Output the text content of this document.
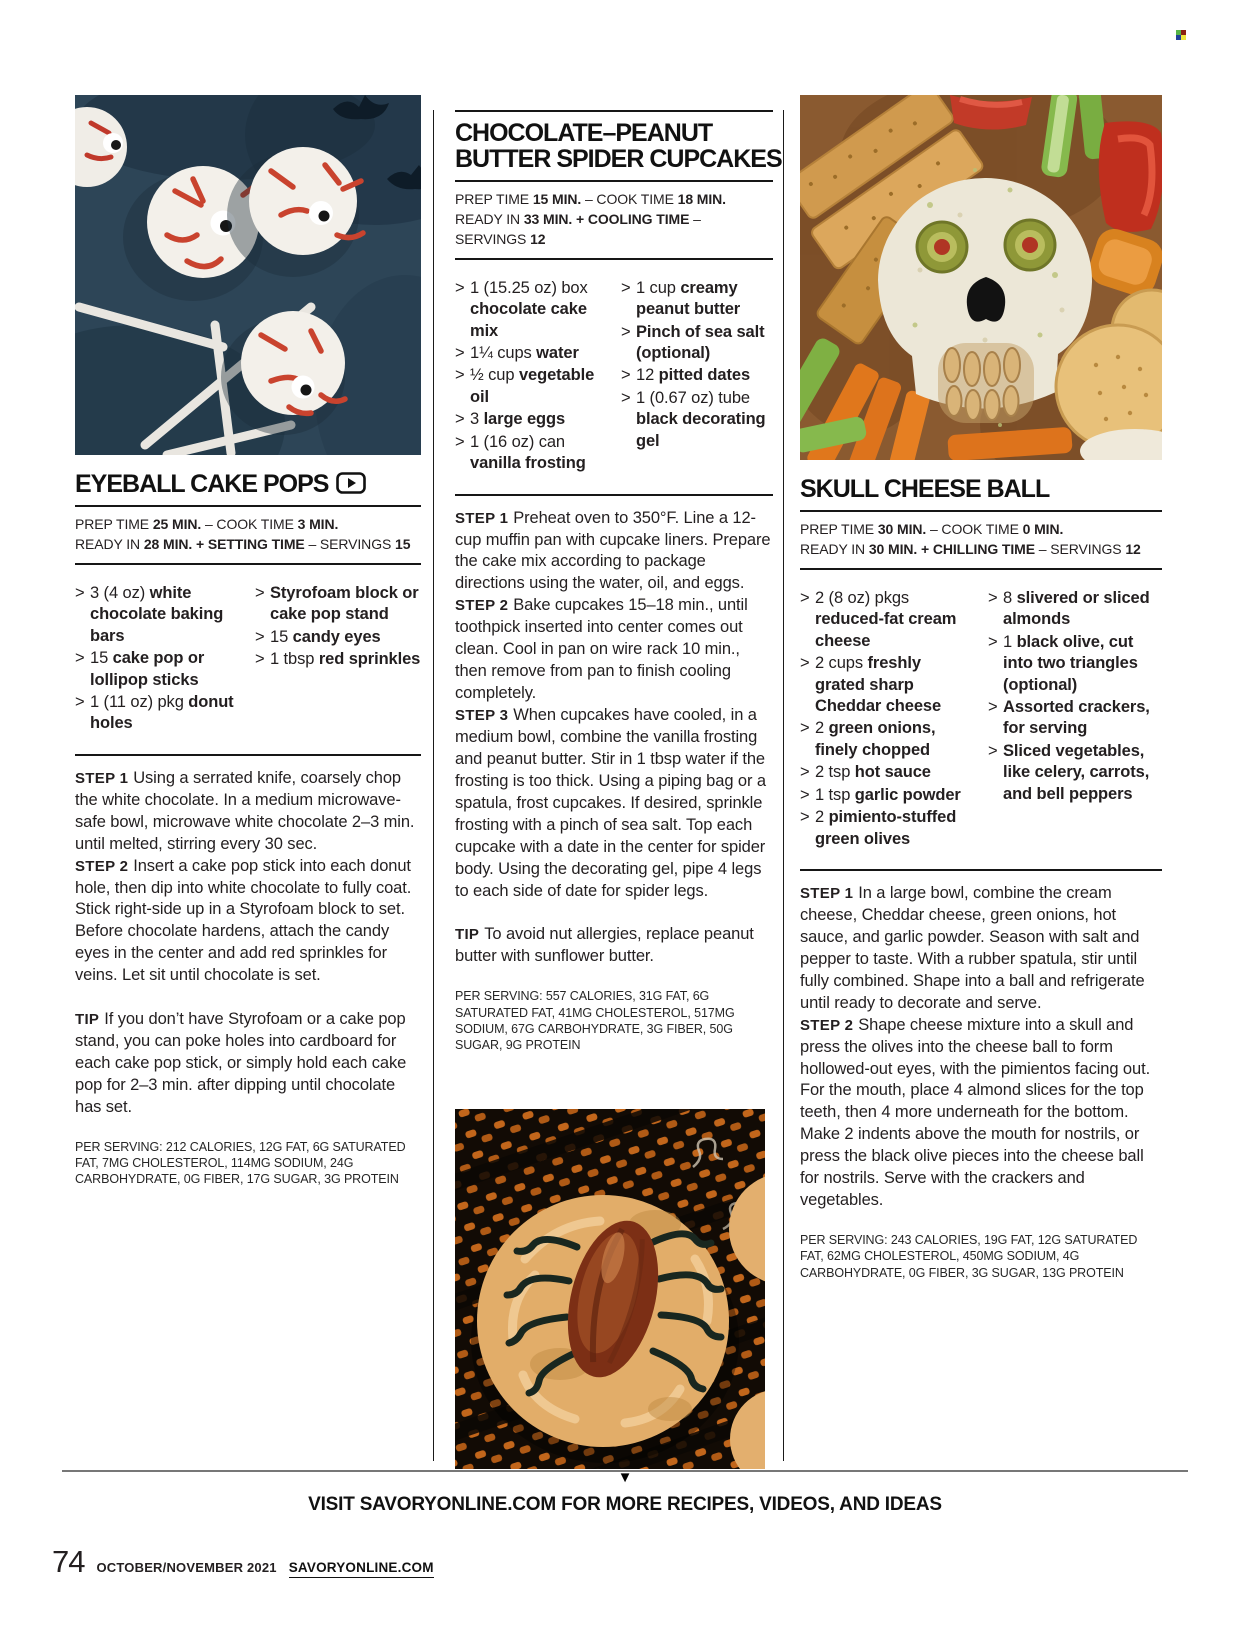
EYEBALL CAKE POPS

PREP TIME 25 MIN. – COOK TIME 3 MIN.

READY IN 28 MIN. + SETTING TIME – SERVINGS 15

> 3 (4 oz) white chocolate baking bars
> 15 cake pop or lollipop sticks
> 1 (11 oz) pkg donut holes
> Styrofoam block or cake pop stand
> 15 candy eyes
> 1 tbsp red sprinkles

STEP 1 Using a serrated knife, coarsely chop the white chocolate. In a medium microwave-safe bowl, microwave white chocolate 2–3 min. until melted, stirring every 30 sec.

STEP 2 Insert a cake pop stick into each donut hole, then dip into white chocolate to fully coat. Stick right-side up in a Styrofoam block to set. Before chocolate hardens, attach the candy eyes in the center and add red sprinkles for veins. Let sit until chocolate is set.

TIP If you don’t have Styrofoam or a cake pop stand, you can poke holes into cardboard for each cake pop stick, or simply hold each cake pop for 2–3 min. after dipping until chocolate has set.

PER SERVING: 212 CALORIES, 12G FAT, 6G SATURATED FAT, 7MG CHOLESTEROL, 114MG SODIUM, 24G CARBOHYDRATE, 0G FIBER, 17G SUGAR, 3G PROTEIN

CHOCOLATE–PEANUT
BUTTER SPIDER CUPCAKES

PREP TIME 15 MIN. – COOK TIME 18 MIN.

READY IN 33 MIN. + COOLING TIME – SERVINGS 12

> 1 (15.25 oz) box chocolate cake mix
> 1¼ cups water
> ½ cup vegetable oil
> 3 large eggs
> 1 (16 oz) can vanilla frosting
> 1 cup creamy peanut butter
> Pinch of sea salt (optional)
> 12 pitted dates
> 1 (0.67 oz) tube black decorating gel

STEP 1 Preheat oven to 350°F. Line a 12-cup muffin pan with cupcake liners. Prepare the cake mix according to package directions using the water, oil, and eggs.

STEP 2 Bake cupcakes 15–18 min., until toothpick inserted into center comes out clean. Cool in pan on wire rack 10 min., then remove from pan to finish cooling completely.

STEP 3 When cupcakes have cooled, in a medium bowl, combine the vanilla frosting and peanut butter. Stir in 1 tbsp water if the frosting is too thick. Using a piping bag or a spatula, frost cupcakes. If desired, sprinkle frosting with a pinch of sea salt. Top each cupcake with a date in the center for spider body. Using the decorating gel, pipe 4 legs to each side of date for spider legs.

TIP To avoid nut allergies, replace peanut butter with sunflower butter.

PER SERVING: 557 CALORIES, 31G FAT, 6G SATURATED FAT, 41MG CHOLESTEROL, 517MG SODIUM, 67G CARBOHYDRATE, 3G FIBER, 50G SUGAR, 9G PROTEIN

SKULL CHEESE BALL

PREP TIME 30 MIN. – COOK TIME 0 MIN.

READY IN 30 MIN. + CHILLING TIME – SERVINGS 12

> 2 (8 oz) pkgs reduced-fat cream cheese
> 2 cups freshly grated sharp Cheddar cheese
> 2 green onions, finely chopped
> 2 tsp hot sauce
> 1 tsp garlic powder
> 2 pimiento-stuffed green olives
> 8 slivered or sliced almonds
> 1 black olive, cut into two triangles (optional)
> Assorted crackers, for serving
> Sliced vegetables, like celery, carrots, and bell peppers

STEP 1 In a large bowl, combine the cream cheese, Cheddar cheese, green onions, hot sauce, and garlic powder. Season with salt and pepper to taste. With a rubber spatula, stir until fully combined. Shape into a ball and refrigerate until ready to decorate and serve.

STEP 2 Shape cheese mixture into a skull and press the olives into the cheese ball to form hollowed-out eyes, with the pimientos facing out. For the mouth, place 4 almond slices for the top teeth, then 4 more underneath for the bottom. Make 2 indents above the mouth for nostrils, or press the black olive pieces into the cheese ball for nostrils. Serve with the crackers and vegetables.

PER SERVING: 243 CALORIES, 19G FAT, 12G SATURATED FAT, 62MG CHOLESTEROL, 450MG SODIUM, 4G CARBOHYDRATE, 0G FIBER, 3G SUGAR, 13G PROTEIN

▼
VISIT SAVORYONLINE.COM FOR MORE RECIPES, VIDEOS, AND IDEAS
74 OCTOBER/NOVEMBER 2021 SAVORYONLINE.COM
